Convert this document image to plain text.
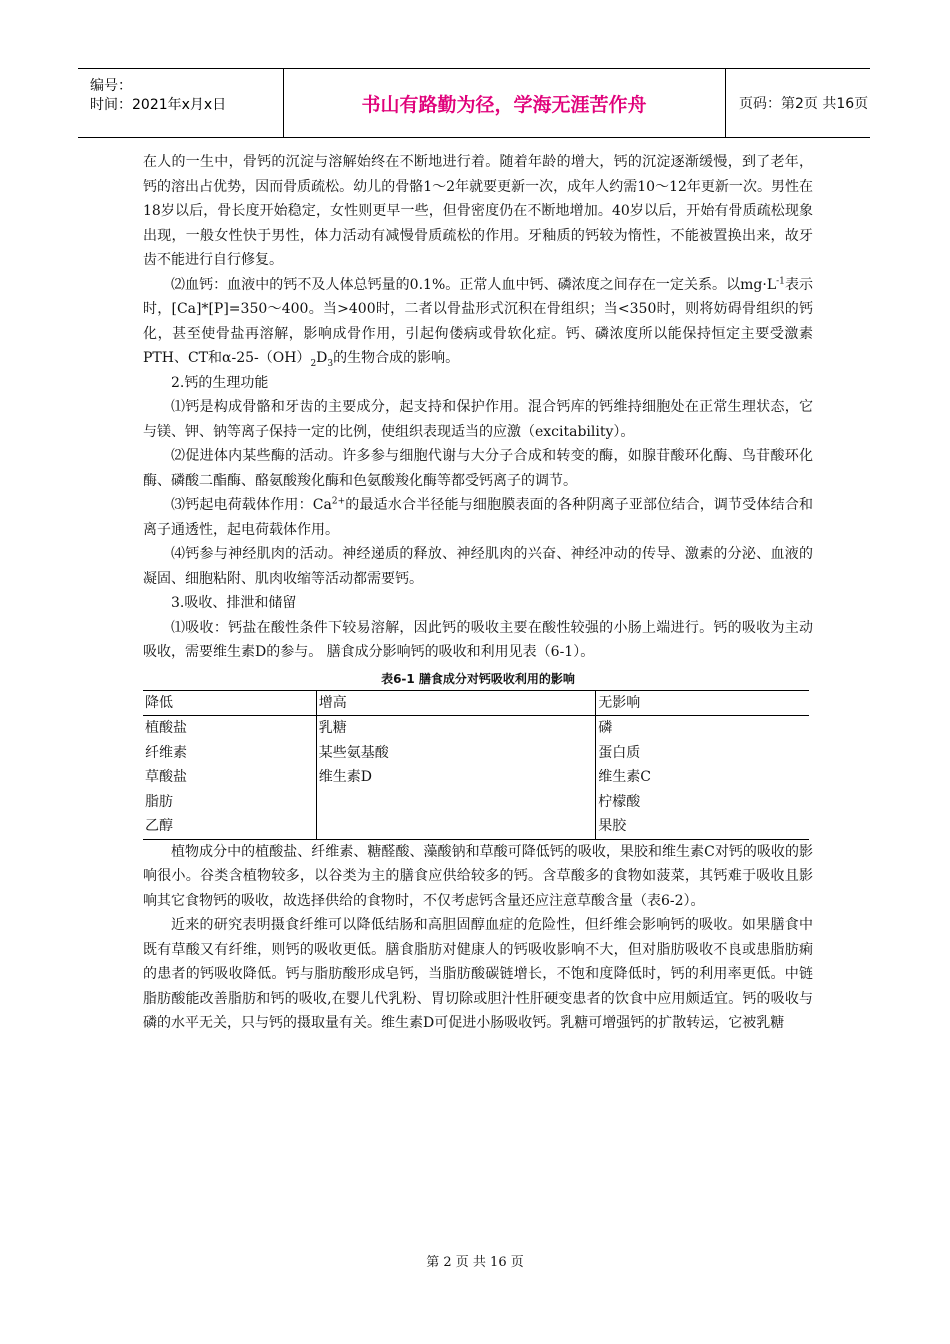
编号：
时间：2021年x月x日	书山有路勤为径，学海无涯苦作舟	页码：第2页 共16页

在人的一生中，骨钙的沉淀与溶解始终在不断地进行着。随着年龄的增大，钙的沉淀逐渐缓慢，到了老年，钙的溶出占优势，因而骨质疏松。幼儿的骨骼1～2年就要更新一次，成年人约需10～12年更新一次。男性在18岁以后，骨长度开始稳定，女性则更早一些，但骨密度仍在不断地增加。40岁以后，开始有骨质疏松现象出现，一般女性快于男性，体力活动有减慢骨质疏松的作用。牙釉质的钙较为惰性，不能被置换出来，故牙齿不能进行自行修复。

⑵血钙：血液中的钙不及人体总钙量的0.1%。正常人血中钙、磷浓度之间存在一定关系。以$mg\cdot L^{-1}$表示时，[Ca]*[P]=350～400。当>400时，二者以骨盐形式沉积在骨组织；当<350时，则将妨碍骨组织的钙化，甚至使骨盐再溶解，影响成骨作用，引起佝偻病或骨软化症。钙、磷浓度所以能保持恒定主要受激素PTH、CT和$\alpha-25-(OH)_2D_3$的生物合成的影响。

2.钙的生理功能

⑴钙是构成骨骼和牙齿的主要成分，起支持和保护作用。混合钙库的钙维持细胞处在正常生理状态，它与镁、钾、钠等离子保持一定的比例，使组织表现适当的应激（excitability）。

⑵促进体内某些酶的活动。许多参与细胞代谢与大分子合成和转变的酶，如腺苷酸环化酶、鸟苷酸环化酶、磷酸二酯酶、酪氨酸羧化酶和色氨酸羧化酶等都受钙离子的调节。

⑶钙起电荷载体作用：$Ca^{2+}$的最适水合半径能与细胞膜表面的各种阴离子亚部位结合，调节受体结合和离子通透性，起电荷载体作用。

⑷钙参与神经肌肉的活动。神经递质的释放、神经肌肉的兴奋、神经冲动的传导、激素的分泌、血液的凝固、细胞粘附、肌肉收缩等活动都需要钙。

3.吸收、排泄和储留

⑴吸收：钙盐在酸性条件下较易溶解，因此钙的吸收主要在酸性较强的小肠上端进行。钙的吸收为主动吸收，需要维生素D的参与。 膳食成分影响钙的吸收和利用见表（6-1）。

表6-1 膳食成分对钙吸收利用的影响
降低	增高	无影响
植酸盐	乳糖	磷
纤维素	某些氨基酸	蛋白质
草酸盐	维生素D	维生素C
脂肪		柠檬酸
乙醇		果胶

植物成分中的植酸盐、纤维素、糖醛酸、藻酸钠和草酸可降低钙的吸收，果胶和维生素C对钙的吸收的影响很小。谷类含植物较多，以谷类为主的膳食应供给较多的钙。含草酸多的食物如菠菜，其钙难于吸收且影响其它食物钙的吸收，故选择供给的食物时，不仅考虑钙含量还应注意草酸含量（表6-2）。

近来的研究表明摄食纤维可以降低结肠和高胆固醇血症的危险性，但纤维会影响钙的吸收。如果膳食中既有草酸又有纤维，则钙的吸收更低。膳食脂肪对健康人的钙吸收影响不大，但对脂肪吸收不良或患脂肪痢的患者的钙吸收降低。钙与脂肪酸形成皂钙，当脂肪酸碳链增长，不饱和度降低时，钙的利用率更低。中链脂肪酸能改善脂肪和钙的吸收,在婴儿代乳粉、胃切除或胆汁性肝硬变患者的饮食中应用颇适宜。钙的吸收与磷的水平无关，只与钙的摄取量有关。维生素D可促进小肠吸收钙。乳糖可增强钙的扩散转运，它被乳糖

第 2 页 共 16 页
